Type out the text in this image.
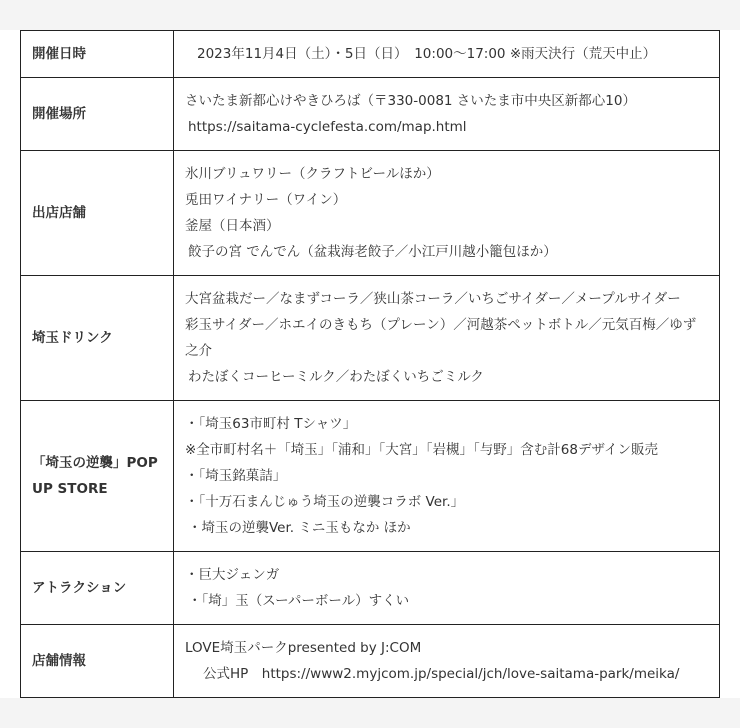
開催日時	2023年11月4日（土）・5日（日）　10:00〜17:00 ※雨天決行（荒天中止）

開催場所	さいたま新都心けやきひろば（〒330-0081 さいたま市中央区新都心10）
https://saitama-cyclefesta.com/map.html

出店店舗	氷川ブリュワリー（クラフトビールほか）
兎田ワイナリー（ワイン）
釜屋（日本酒）
餃子の宮 でんでん（盆栽海老餃子／小江戸川越小籠包ほか）

埼玉ドリンク	大宮盆栽だー／なまずコーラ／狭山茶コーラ／いちごサイダー／メープルサイダー
彩玉サイダー／ホエイのきもち（プレーン）／河越茶ペットボトル／元気百梅／ゆず之介
わたぼくコーヒーミルク／わたぼくいちごミルク

「埼玉の逆襲」POP UP STORE	・「埼玉63市町村 Tシャツ」
※全市町村名＋「埼玉」「浦和」「大宮」「岩槻」「与野」含む計68デザイン販売
・「埼玉銘菓詰」
・「十万石まんじゅう埼玉の逆襲コラボ Ver.」
・埼玉の逆襲Ver. ミニ玉もなか ほか

アトラクション	・巨大ジェンガ
・「埼」玉（スーパーボール）すくい

店舗情報	LOVE埼玉パークpresented by J:COM
公式HP　https://www2.myjcom.jp/special/jch/love-saitama-park/meika/
